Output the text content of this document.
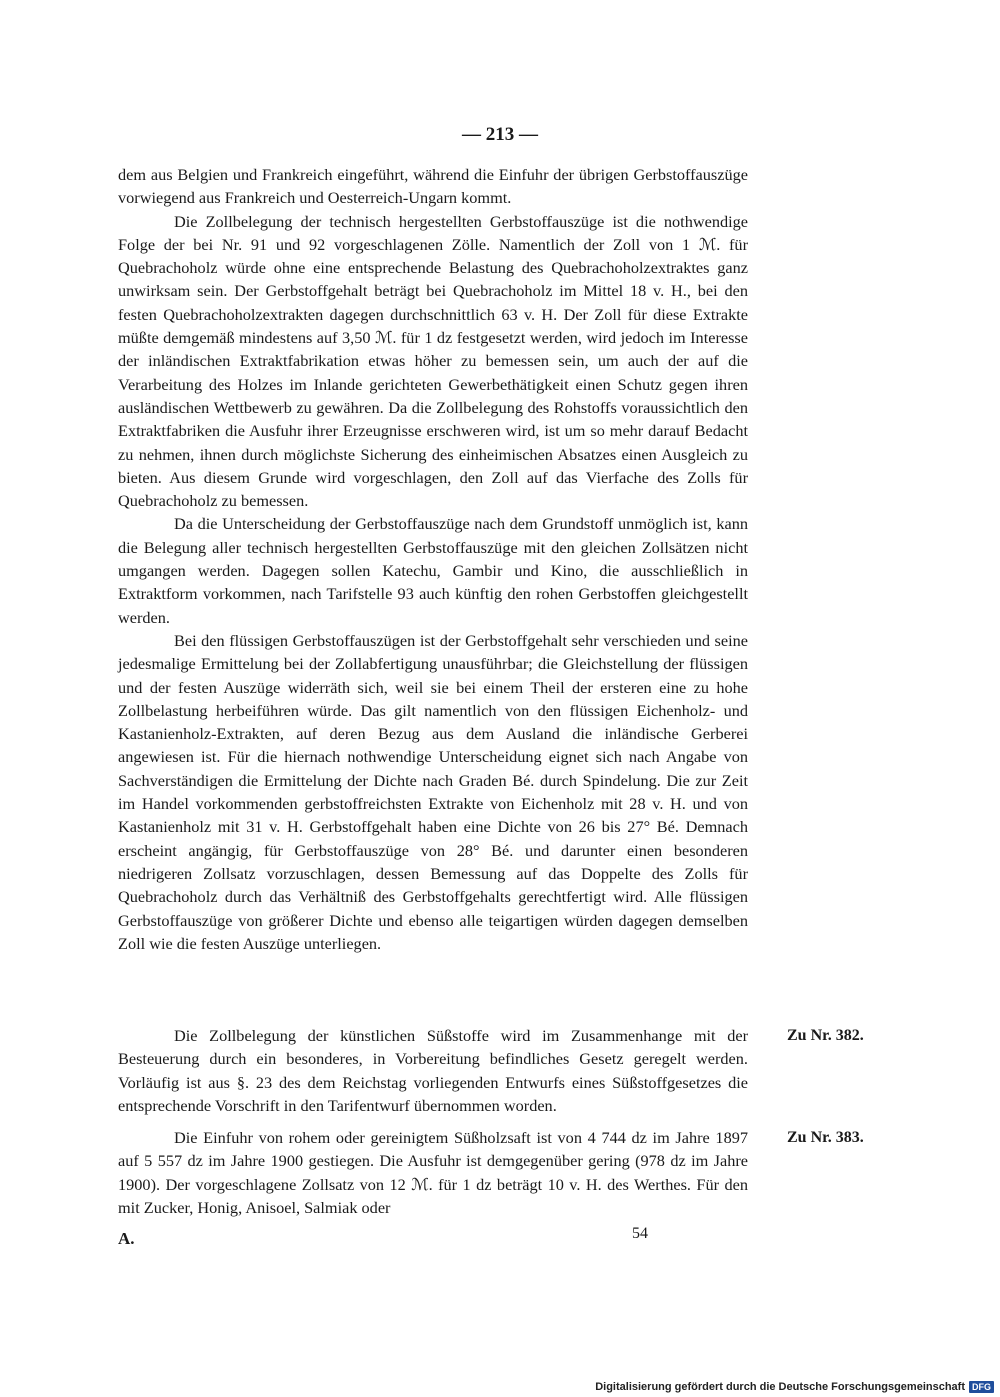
— 213 —

dem aus Belgien und Frankreich eingeführt, während die Einfuhr der übrigen Gerbstoffauszüge vorwiegend aus Frankreich und Oesterreich-Ungarn kommt.

Die Zollbelegung der technisch hergestellten Gerbstoffauszüge ist die nothwendige Folge der bei Nr. 91 und 92 vorgeschlagenen Zölle. Namentlich der Zoll von 1 ℳ. für Quebrachoholz würde ohne eine entsprechende Belastung des Quebrachoholzextraktes ganz unwirksam sein. Der Gerbstoffgehalt beträgt bei Quebrachoholz im Mittel 18 v. H., bei den festen Quebrachoholzextrakten dagegen durchschnittlich 63 v. H. Der Zoll für diese Extrakte müßte demgemäß mindestens auf 3,50 ℳ. für 1 dz festgesetzt werden, wird jedoch im Interesse der inländischen Extraktfabrikation etwas höher zu bemessen sein, um auch der auf die Verarbeitung des Holzes im Inlande gerichteten Gewerbethätigkeit einen Schutz gegen ihren ausländischen Wettbewerb zu gewähren. Da die Zollbelegung des Rohstoffs voraussichtlich den Extraktfabriken die Ausfuhr ihrer Erzeugnisse erschweren wird, ist um so mehr darauf Bedacht zu nehmen, ihnen durch möglichste Sicherung des einheimischen Absatzes einen Ausgleich zu bieten. Aus diesem Grunde wird vorgeschlagen, den Zoll auf das Vierfache des Zolls für Quebrachoholz zu bemessen.

Da die Unterscheidung der Gerbstoffauszüge nach dem Grundstoff unmöglich ist, kann die Belegung aller technisch hergestellten Gerbstoffauszüge mit den gleichen Zollsätzen nicht umgangen werden. Dagegen sollen Katechu, Gambir und Kino, die ausschließlich in Extraktform vorkommen, nach Tarifstelle 93 auch künftig den rohen Gerbstoffen gleichgestellt werden.

Bei den flüssigen Gerbstoffauszügen ist der Gerbstoffgehalt sehr verschieden und seine jedesmalige Ermittelung bei der Zollabfertigung unausführbar; die Gleichstellung der flüssigen und der festen Auszüge widerräth sich, weil sie bei einem Theil der ersteren eine zu hohe Zollbelastung herbeiführen würde. Das gilt namentlich von den flüssigen Eichenholz- und Kastanienholz-Extrakten, auf deren Bezug aus dem Ausland die inländische Gerberei angewiesen ist. Für die hiernach nothwendige Unterscheidung eignet sich nach Angabe von Sachverständigen die Ermittelung der Dichte nach Graden Bé. durch Spindelung. Die zur Zeit im Handel vorkommenden gerbstoffreichsten Extrakte von Eichenholz mit 28 v. H. und von Kastanienholz mit 31 v. H. Gerbstoffgehalt haben eine Dichte von 26 bis 27° Bé. Demnach erscheint angängig, für Gerbstoffauszüge von 28° Bé. und darunter einen besonderen niedrigeren Zollsatz vorzuschlagen, dessen Bemessung auf das Doppelte des Zolls für Quebrachoholz durch das Verhältniß des Gerbstoffgehalts gerechtfertigt wird. Alle flüssigen Gerbstoffauszüge von größerer Dichte und ebenso alle teigartigen würden dagegen demselben Zoll wie die festen Auszüge unterliegen.

Die Zollbelegung der künstlichen Süßstoffe wird im Zusammenhange mit der Besteuerung durch ein besonderes, in Vorbereitung befindliches Gesetz geregelt werden. Vorläufig ist aus §. 23 des dem Reichstag vorliegenden Entwurfs eines Süßstoffgesetzes die entsprechende Vorschrift in den Tarifentwurf übernommen worden.

Zu Nr. 382.

Die Einfuhr von rohem oder gereinigtem Süßholzsaft ist von 4 744 dz im Jahre 1897 auf 5 557 dz im Jahre 1900 gestiegen. Die Ausfuhr ist demgegenüber gering (978 dz im Jahre 1900). Der vorgeschlagene Zollsatz von 12 ℳ. für 1 dz beträgt 10 v. H. des Werthes. Für den mit Zucker, Honig, Anisoel, Salmiak oder

Zu Nr. 383.
A.	54
Digitalisierung gefördert durch die Deutsche Forschungsgemeinschaft DFG
